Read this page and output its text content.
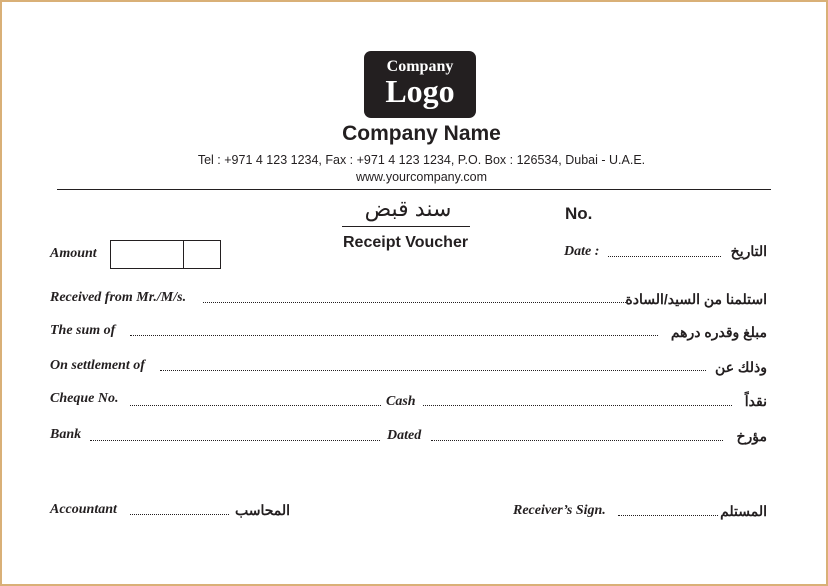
Company
Logo
Company Name
Tel : +971 4 123 1234, Fax : +971 4 123 1234, P.O. Box : 126534, Dubai - U.A.E.
www.yourcompany.com
سند قبض
Receipt Voucher
No.
Amount	Date :	التاريخ
Received from Mr./M/s.	استلمنا من السيد/السادة
The sum of	مبلغ وقدره درهم
On settlement of	وذلك عن
Cheque No.	Cash	نقداً
Bank	Dated	مؤرخ
Accountant	المحاسب	Receiver’s Sign.	المستلم
